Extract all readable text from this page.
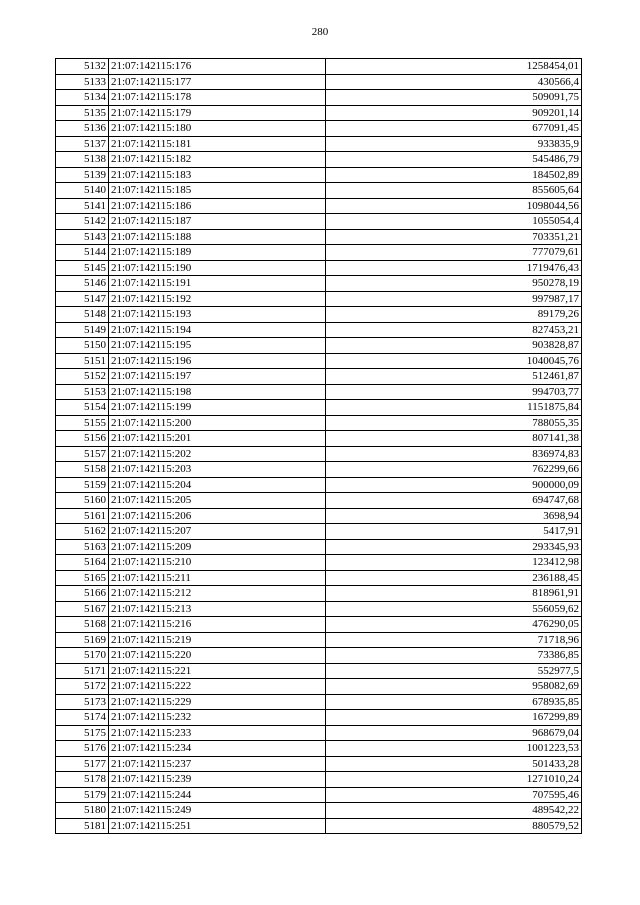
280
5132	21:07:142115:176	1258454,01
5133	21:07:142115:177	430566,4
5134	21:07:142115:178	509091,75
5135	21:07:142115:179	909201,14
5136	21:07:142115:180	677091,45
5137	21:07:142115:181	933835,9
5138	21:07:142115:182	545486,79
5139	21:07:142115:183	184502,89
5140	21:07:142115:185	855605,64
5141	21:07:142115:186	1098044,56
5142	21:07:142115:187	1055054,4
5143	21:07:142115:188	703351,21
5144	21:07:142115:189	777079,61
5145	21:07:142115:190	1719476,43
5146	21:07:142115:191	950278,19
5147	21:07:142115:192	997987,17
5148	21:07:142115:193	89179,26
5149	21:07:142115:194	827453,21
5150	21:07:142115:195	903828,87
5151	21:07:142115:196	1040045,76
5152	21:07:142115:197	512461,87
5153	21:07:142115:198	994703,77
5154	21:07:142115:199	1151875,84
5155	21:07:142115:200	788055,35
5156	21:07:142115:201	807141,38
5157	21:07:142115:202	836974,83
5158	21:07:142115:203	762299,66
5159	21:07:142115:204	900000,09
5160	21:07:142115:205	694747,68
5161	21:07:142115:206	3698,94
5162	21:07:142115:207	5417,91
5163	21:07:142115:209	293345,93
5164	21:07:142115:210	123412,98
5165	21:07:142115:211	236188,45
5166	21:07:142115:212	818961,91
5167	21:07:142115:213	556059,62
5168	21:07:142115:216	476290,05
5169	21:07:142115:219	71718,96
5170	21:07:142115:220	73386,85
5171	21:07:142115:221	552977,5
5172	21:07:142115:222	958082,69
5173	21:07:142115:229	678935,85
5174	21:07:142115:232	167299,89
5175	21:07:142115:233	968679,04
5176	21:07:142115:234	1001223,53
5177	21:07:142115:237	501433,28
5178	21:07:142115:239	1271010,24
5179	21:07:142115:244	707595,46
5180	21:07:142115:249	489542,22
5181	21:07:142115:251	880579,52
